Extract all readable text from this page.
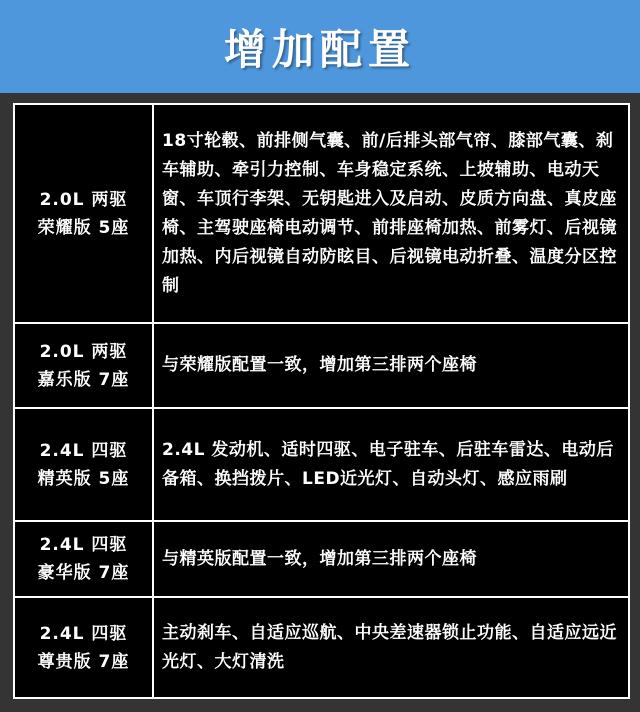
增加配置
2.0L 两驱
荣耀版 5座
18寸轮毂、前排侧气囊、前/后排头部气帘、膝部气囊、刹车辅助、牵引力控制、车身稳定系统、上坡辅助、电动天窗、车顶行李架、无钥匙进入及启动、皮质方向盘、真皮座椅、主驾驶座椅电动调节、前排座椅加热、前雾灯、后视镜加热、内后视镜自动防眩目、后视镜电动折叠、温度分区控制
2.0L 两驱
嘉乐版 7座
与荣耀版配置一致，增加第三排两个座椅
2.4L 四驱
精英版 5座
2.4L 发动机、适时四驱、电子驻车、后驻车雷达、电动后备箱、换挡拨片、LED近光灯、自动头灯、感应雨刷
2.4L 四驱
豪华版 7座
与精英版配置一致，增加第三排两个座椅
2.4L 四驱
尊贵版 7座
主动刹车、自适应巡航、中央差速器锁止功能、自适应远近光灯、大灯清洗
